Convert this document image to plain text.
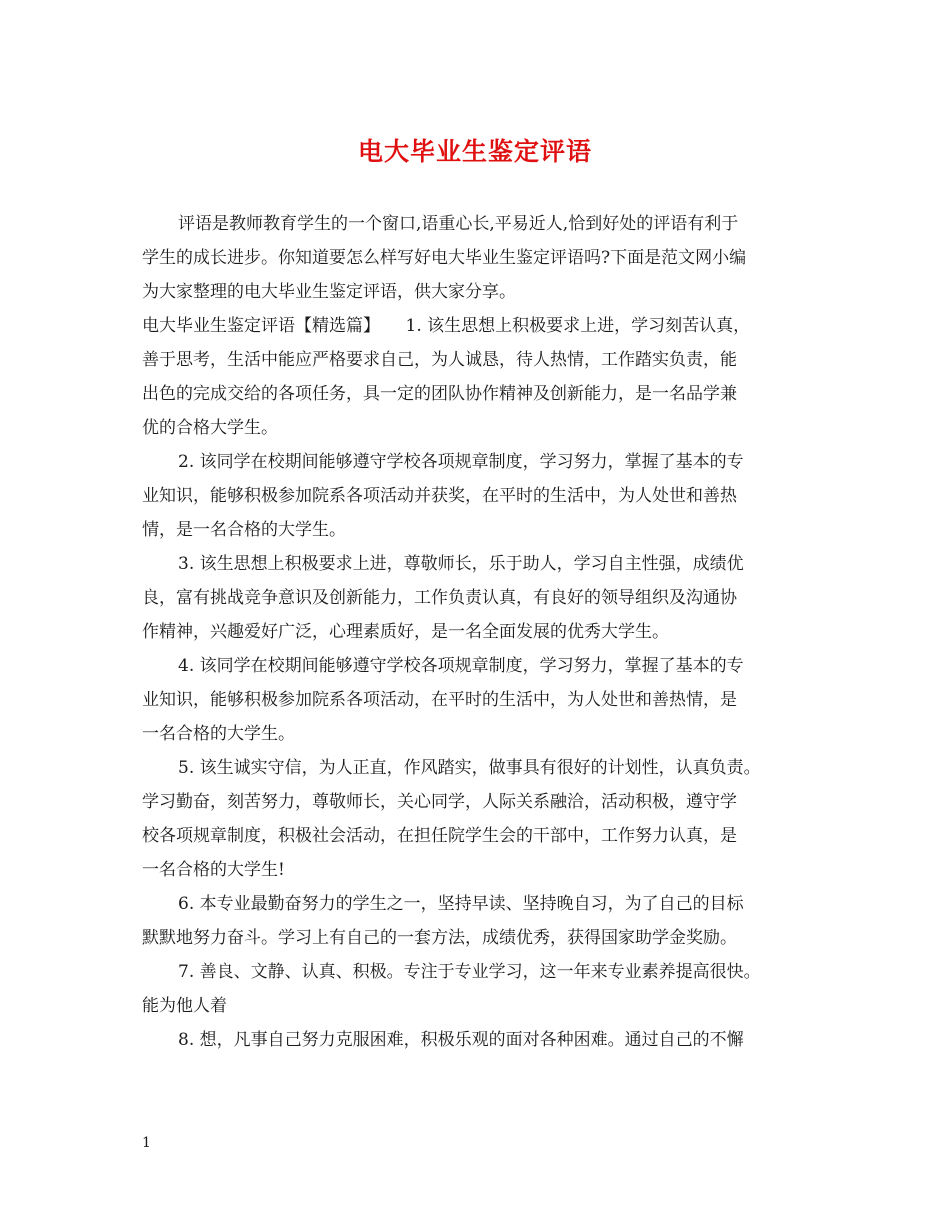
电大毕业生鉴定评语
评语是教师教育学生的一个窗口,语重心长,平易近人,恰到好处的评语有利于
学生的成长进步。你知道要怎么样写好电大毕业生鉴定评语吗?下面是范文网小编
为大家整理的电大毕业生鉴定评语，供大家分享。
电大毕业生鉴定评语【精选篇】　　1. 该生思想上积极要求上进，学习刻苦认真，
善于思考，生活中能应严格要求自己，为人诚恳，待人热情，工作踏实负责，能
出色的完成交给的各项任务，具一定的团队协作精神及创新能力，是一名品学兼
优的合格大学生。
2. 该同学在校期间能够遵守学校各项规章制度，学习努力，掌握了基本的专
业知识，能够积极参加院系各项活动并获奖，在平时的生活中，为人处世和善热
情，是一名合格的大学生。
3. 该生思想上积极要求上进，尊敬师长，乐于助人，学习自主性强，成绩优
良，富有挑战竞争意识及创新能力，工作负责认真，有良好的领导组织及沟通协
作精神，兴趣爱好广泛，心理素质好，是一名全面发展的优秀大学生。
4. 该同学在校期间能够遵守学校各项规章制度，学习努力，掌握了基本的专
业知识，能够积极参加院系各项活动，在平时的生活中，为人处世和善热情，是
一名合格的大学生。
5. 该生诚实守信，为人正直，作风踏实，做事具有很好的计划性，认真负责。
学习勤奋，刻苦努力，尊敬师长，关心同学，人际关系融洽，活动积极，遵守学
校各项规章制度，积极社会活动，在担任院学生会的干部中，工作努力认真，是
一名合格的大学生!
6. 本专业最勤奋努力的学生之一，坚持早读、坚持晚自习，为了自己的目标
默默地努力奋斗。学习上有自己的一套方法，成绩优秀，获得国家助学金奖励。
7. 善良、文静、认真、积极。专注于专业学习，这一年来专业素养提高很快。
能为他人着
8. 想，凡事自己努力克服困难，积极乐观的面对各种困难。通过自己的不懈
1
